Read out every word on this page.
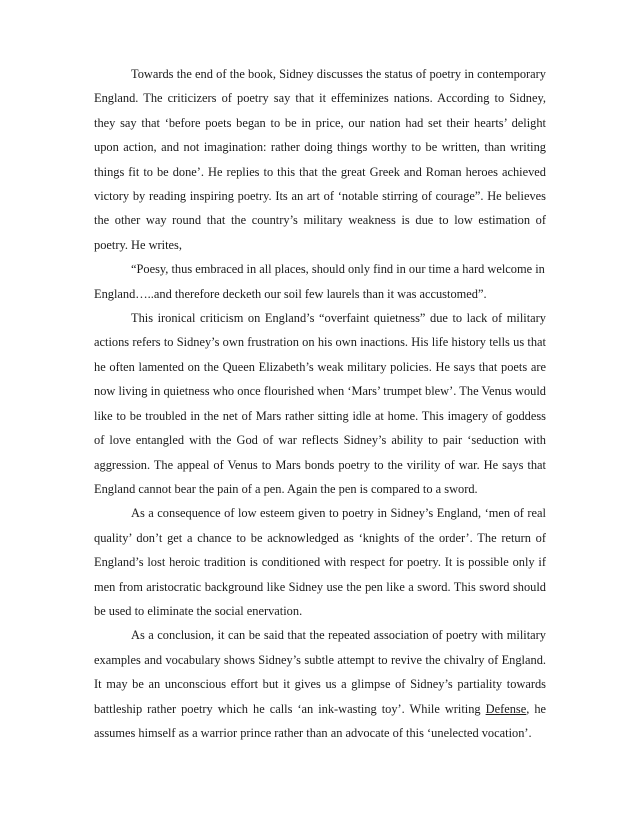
Towards the end of the book, Sidney discusses the status of poetry in contemporary England. The criticizers of poetry say that it effeminizes nations. According to Sidney, they say that ‘before poets began to be in price, our nation had set their hearts’ delight upon action, and not imagination: rather doing things worthy to be written, than writing things fit to be done’. He replies to this that the great Greek and Roman heroes achieved victory by reading inspiring poetry. Its an art of ‘notable stirring of courage”. He believes the other way round that the country’s military weakness is due to low estimation of poetry. He writes,

“Poesy, thus embraced in all places, should only find in our time a hard welcome in England…..and therefore decketh our soil few laurels than it was accustomed”.

This ironical criticism on England’s “overfaint quietness” due to lack of military actions refers to Sidney’s own frustration on his own inactions. His life history tells us that he often lamented on the Queen Elizabeth’s weak military policies. He says that poets are now living in quietness who once flourished when ‘Mars’ trumpet blew’. The Venus would like to be troubled in the net of Mars rather sitting idle at home. This imagery of goddess of love entangled with the God of war reflects Sidney’s ability to pair ‘seduction with aggression. The appeal of Venus to Mars bonds poetry to the virility of war. He says that England cannot bear the pain of a pen. Again the pen is compared to a sword.

As a consequence of low esteem given to poetry in Sidney’s England, ‘men of real quality’ don’t get a chance to be acknowledged as ‘knights of the order’. The return of England’s lost heroic tradition is conditioned with respect for poetry. It is possible only if men from aristocratic background like Sidney use the pen like a sword. This sword should be used to eliminate the social enervation.

As a conclusion, it can be said that the repeated association of poetry with military examples and vocabulary shows Sidney’s subtle attempt to revive the chivalry of England. It may be an unconscious effort but it gives us a glimpse of Sidney’s partiality towards battleship rather poetry which he calls ‘an ink-wasting toy’. While writing Defense, he assumes himself as a warrior prince rather than an advocate of this ‘unelected vocation’.
